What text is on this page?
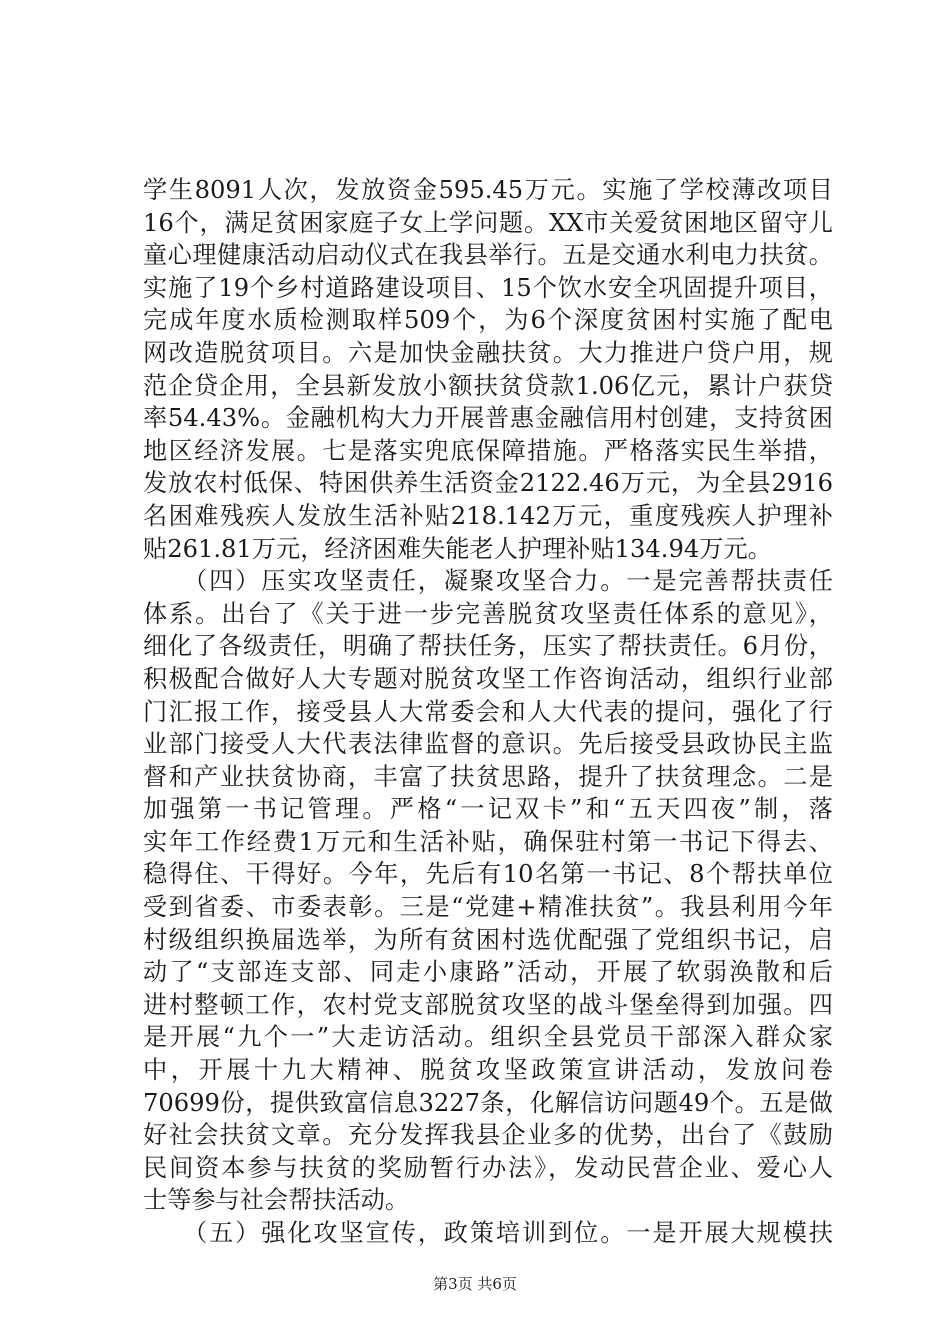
学生8091人次，发放资金595.45万元。实施了学校薄改项目
16个，满足贫困家庭子女上学问题。XX市关爱贫困地区留守儿
童心理健康活动启动仪式在我县举行。五是交通水利电力扶贫。
实施了19个乡村道路建设项目、15个饮水安全巩固提升项目，
完成年度水质检测取样509个，为6个深度贫困村实施了配电
网改造脱贫项目。六是加快金融扶贫。大力推进户贷户用，规
范企贷企用，全县新发放小额扶贫贷款1.06亿元，累计户获贷
率54.43%。金融机构大力开展普惠金融信用村创建，支持贫困
地区经济发展。七是落实兜底保障措施。严格落实民生举措，
发放农村低保、特困供养生活资金2122.46万元，为全县2916
名困难残疾人发放生活补贴218.142万元，重度残疾人护理补
贴261.81万元，经济困难失能老人护理补贴134.94万元。
　　（四）压实攻坚责任，凝聚攻坚合力。一是完善帮扶责任
体系。出台了《关于进一步完善脱贫攻坚责任体系的意见》，
细化了各级责任，明确了帮扶任务，压实了帮扶责任。6月份，
积极配合做好人大专题对脱贫攻坚工作咨询活动，组织行业部
门汇报工作，接受县人大常委会和人大代表的提问，强化了行
业部门接受人大代表法律监督的意识。先后接受县政协民主监
督和产业扶贫协商，丰富了扶贫思路，提升了扶贫理念。二是
加强第一书记管理。严格“一记双卡”和“五天四夜”制，落
实年工作经费1万元和生活补贴，确保驻村第一书记下得去、
稳得住、干得好。今年，先后有10名第一书记、8个帮扶单位
受到省委、市委表彰。三是“党建+精准扶贫”。我县利用今年
村级组织换届选举，为所有贫困村选优配强了党组织书记，启
动了“支部连支部、同走小康路”活动，开展了软弱涣散和后
进村整顿工作，农村党支部脱贫攻坚的战斗堡垒得到加强。四
是开展“九个一”大走访活动。组织全县党员干部深入群众家
中，开展十九大精神、脱贫攻坚政策宣讲活动，发放问卷
70699份，提供致富信息3227条，化解信访问题49个。五是做
好社会扶贫文章。充分发挥我县企业多的优势，出台了《鼓励
民间资本参与扶贫的奖励暂行办法》，发动民营企业、爱心人
士等参与社会帮扶活动。
　　（五）强化攻坚宣传，政策培训到位。一是开展大规模扶
第3页 共6页
